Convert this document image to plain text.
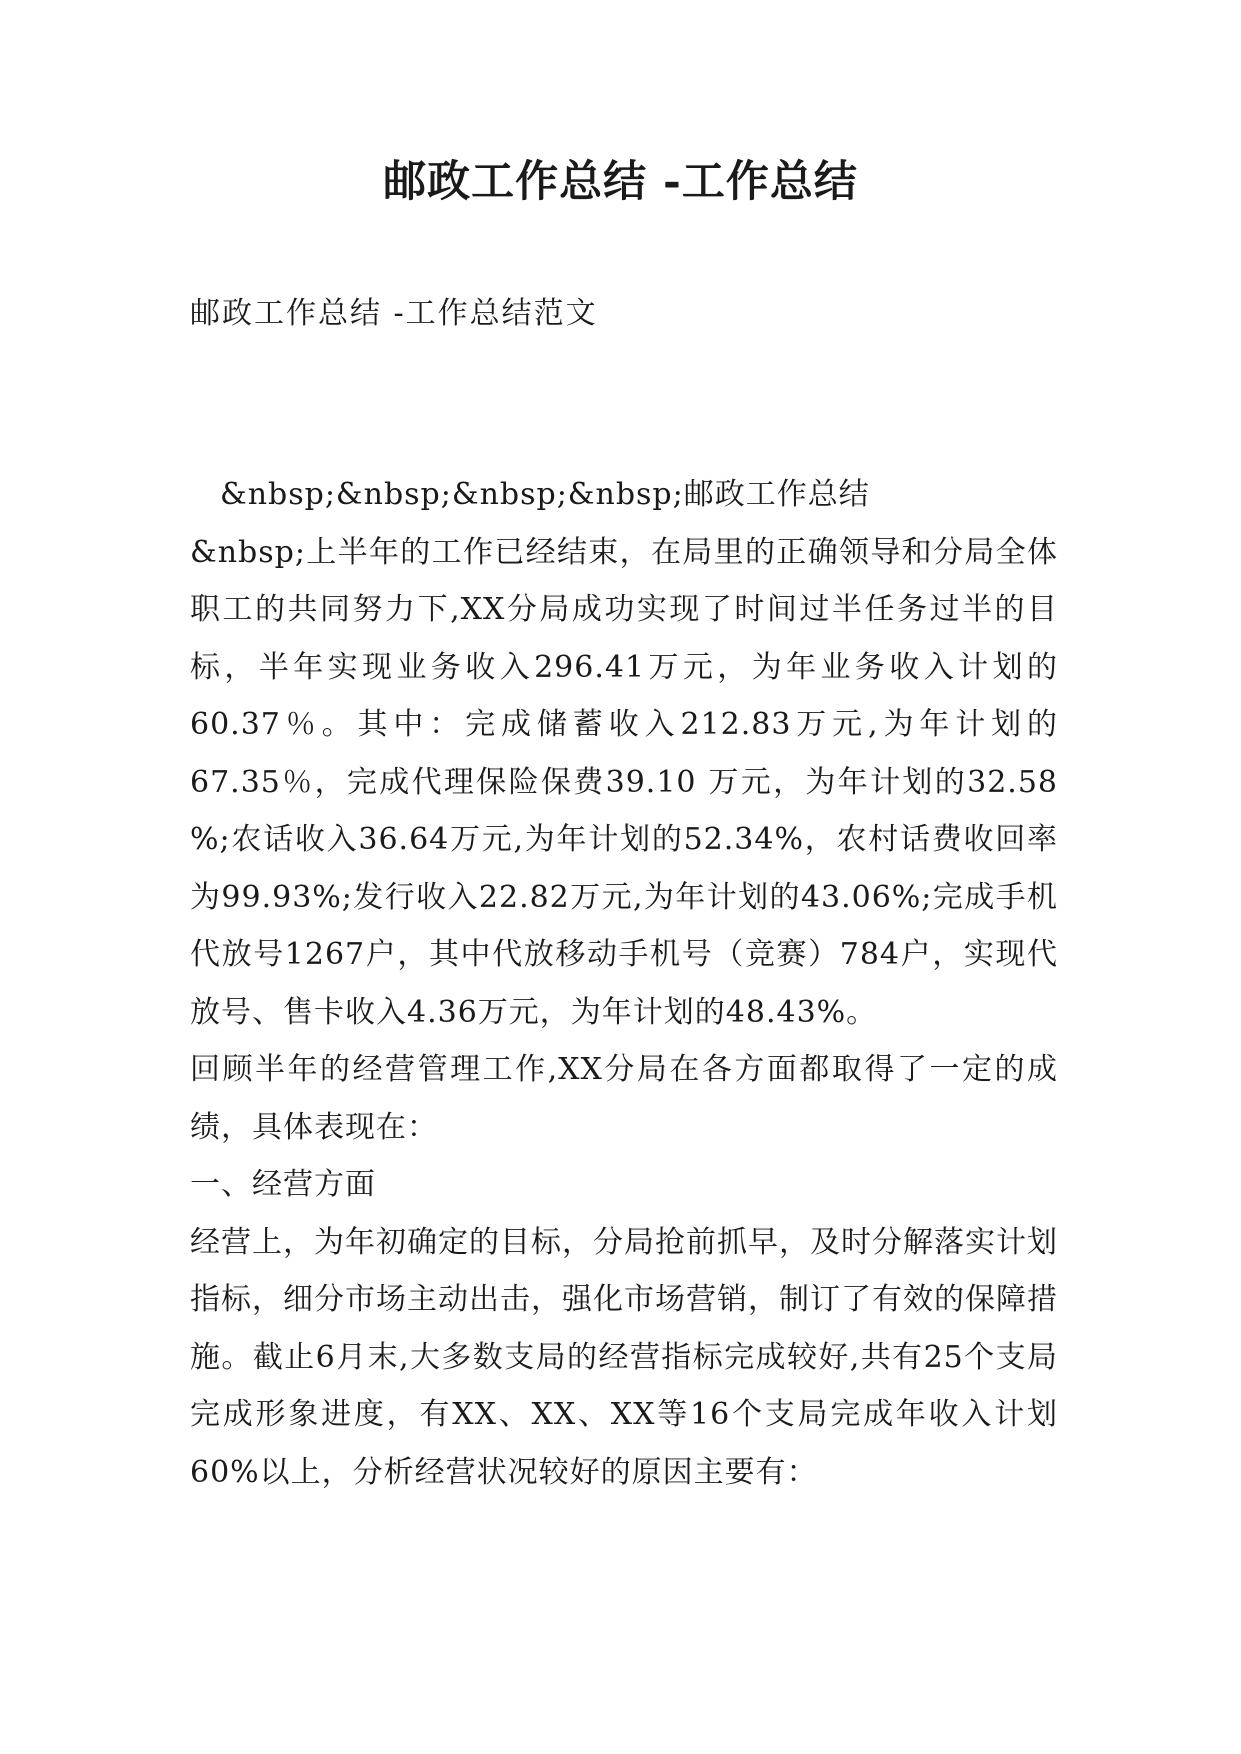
邮政工作总结 -工作总结

邮政工作总结 -工作总结范文

&nbsp;&nbsp;&nbsp;&nbsp;邮政工作总结

&nbsp;上半年的工作已经结束，在局里的正确领导和分局全体职工的共同努力下,XX分局成功实现了时间过半任务过半的目标，半年实现业务收入296.41万元，为年业务收入计划的60.37％。其中：完成储蓄收入212.83万元,为年计划的67.35％，完成代理保险保费39.10 万元，为年计划的32.58 %;农话收入36.64万元,为年计划的52.34%，农村话费收回率为99.93%;发行收入22.82万元,为年计划的43.06%;完成手机代放号1267户，其中代放移动手机号（竞赛）784户，实现代放号、售卡收入4.36万元，为年计划的48.43%。

回顾半年的经营管理工作,XX分局在各方面都取得了一定的成绩，具体表现在：

一、经营方面

经营上，为年初确定的目标，分局抢前抓早，及时分解落实计划指标，细分市场主动出击，强化市场营销，制订了有效的保障措施。截止6月末,大多数支局的经营指标完成较好,共有25个支局完成形象进度，有XX、XX、XX等16个支局完成年收入计划60%以上，分析经营状况较好的原因主要有：
